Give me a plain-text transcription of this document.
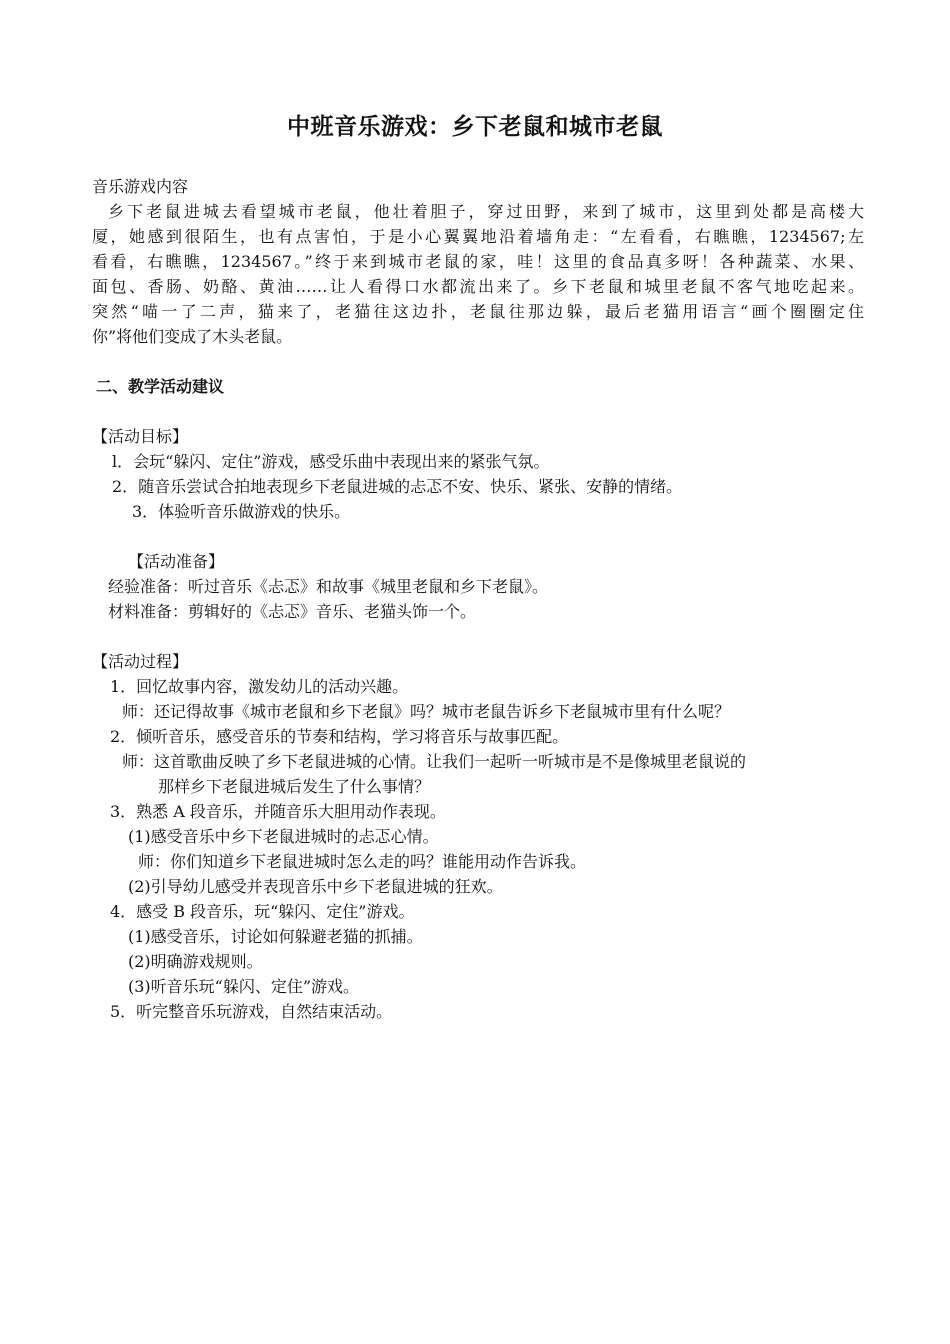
中班音乐游戏：乡下老鼠和城市老鼠
音乐游戏内容
乡下老鼠进城去看望城市老鼠，他壮着胆子，穿过田野，来到了城市，这里到处都是高楼大
厦，她感到很陌生，也有点害怕，于是小心翼翼地沿着墙角走：“左看看，右瞧瞧，1234567;左
看看，右瞧瞧，1234567。”终于来到城市老鼠的家，哇！这里的食品真多呀！各种蔬菜、水果、
面包、香肠、奶酪、黄油……让人看得口水都流出来了。乡下老鼠和城里老鼠不客气地吃起来。
突然“喵一了二声，猫来了，老猫往这边扑，老鼠往那边躲，最后老猫用语言“画个圈圈定住
你”将他们变成了木头老鼠。
二、教学活动建议
【活动目标】
l．会玩“躲闪、定住”游戏，感受乐曲中表现出来的紧张气氛。
2．随音乐尝试合拍地表现乡下老鼠进城的忐忑不安、快乐、紧张、安静的情绪。
3．体验听音乐做游戏的快乐。
【活动准备】
经验准备：听过音乐《忐忑》和故事《城里老鼠和乡下老鼠》。
材料准备：剪辑好的《忐忑》音乐、老猫头饰一个。
【活动过程】
1．回忆故事内容，激发幼儿的活动兴趣。
师：还记得故事《城市老鼠和乡下老鼠》吗？城市老鼠告诉乡下老鼠城市里有什么呢？
2．倾听音乐，感受音乐的节奏和结构，学习将音乐与故事匹配。
师：这首歌曲反映了乡下老鼠进城的心情。让我们一起听一听城市是不是像城里老鼠说的
那样乡下老鼠进城后发生了什么事情？
3．熟悉 A 段音乐，并随音乐大胆用动作表现。
(1)感受音乐中乡下老鼠进城时的忐忑心情。
师：你们知道乡下老鼠进城时怎么走的吗？谁能用动作告诉我。
(2)引导幼儿感受并表现音乐中乡下老鼠进城的狂欢。
4．感受 B 段音乐，玩“躲闪、定住”游戏。
(1)感受音乐，讨论如何躲避老猫的抓捕。
(2)明确游戏规则。
(3)听音乐玩“躲闪、定住”游戏。
5．听完整音乐玩游戏，自然结束活动。
